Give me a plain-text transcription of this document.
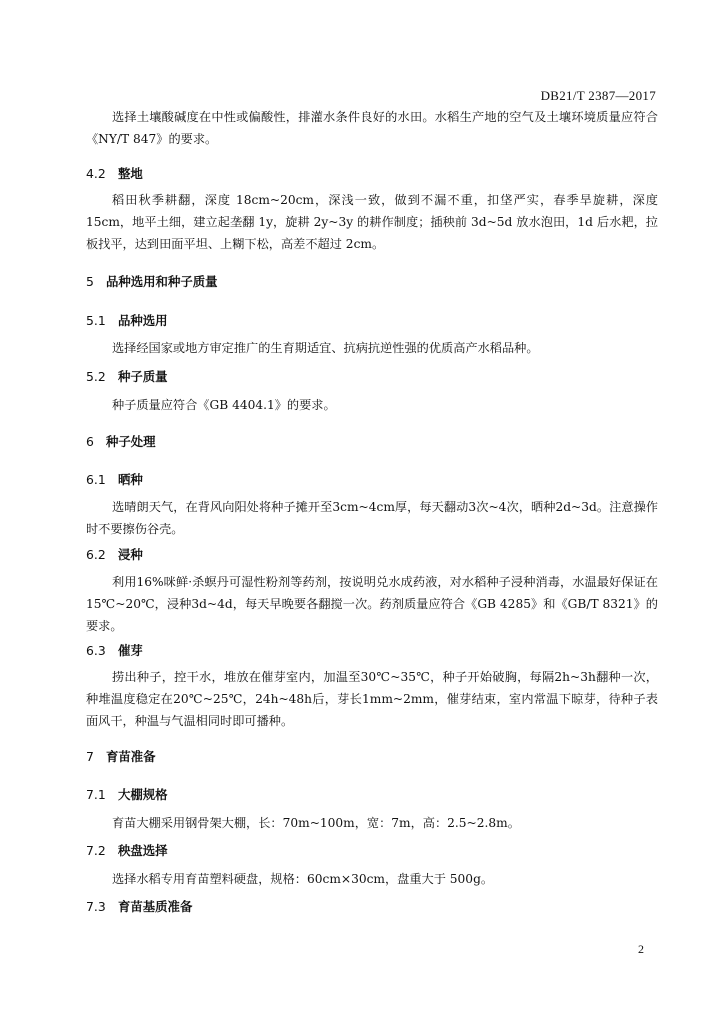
DB21/T 2387—2017

选择土壤酸碱度在中性或偏酸性，排灌水条件良好的水田。水稻生产地的空气及土壤环境质量应符合《NY/T 847》的要求。

4.2 整地

稻田秋季耕翻，深度 18cm~20cm，深浅一致，做到不漏不重，扣垡严实，春季旱旋耕，深度 15cm，地平土细，建立起垄翻 1y，旋耕 2y~3y 的耕作制度；插秧前 3d~5d 放水泡田，1d 后水耙，拉板找平，达到田面平坦、上糊下松，高差不超过 2cm。

5 品种选用和种子质量
5.1 品种选用

选择经国家或地方审定推广的生育期适宜、抗病抗逆性强的优质高产水稻品种。

5.2 种子质量

种子质量应符合《GB 4404.1》的要求。

6 种子处理
6.1 晒种

选晴朗天气，在背风向阳处将种子摊开至3cm~4cm厚，每天翻动3次~4次，晒种2d~3d。注意操作时不要擦伤谷壳。

6.2 浸种

利用16%咪鲜·杀螟丹可湿性粉剂等药剂，按说明兑水成药液，对水稻种子浸种消毒，水温最好保证在15℃~20℃，浸种3d~4d，每天早晚要各翻搅一次。药剂质量应符合《GB 4285》和《GB/T 8321》的要求。

6.3 催芽

捞出种子，控干水，堆放在催芽室内，加温至30℃~35℃，种子开始破胸，每隔2h~3h翻种一次，种堆温度稳定在20℃~25℃，24h~48h后，芽长1mm~2mm，催芽结束，室内常温下晾芽，待种子表面风干，种温与气温相同时即可播种。

7 育苗准备
7.1 大棚规格

育苗大棚采用钢骨架大棚，长：70m~100m，宽：7m，高：2.5~2.8m。

7.2 秧盘选择

选择水稻专用育苗塑料硬盘，规格：60cm×30cm，盘重大于 500g。

7.3 育苗基质准备
2
